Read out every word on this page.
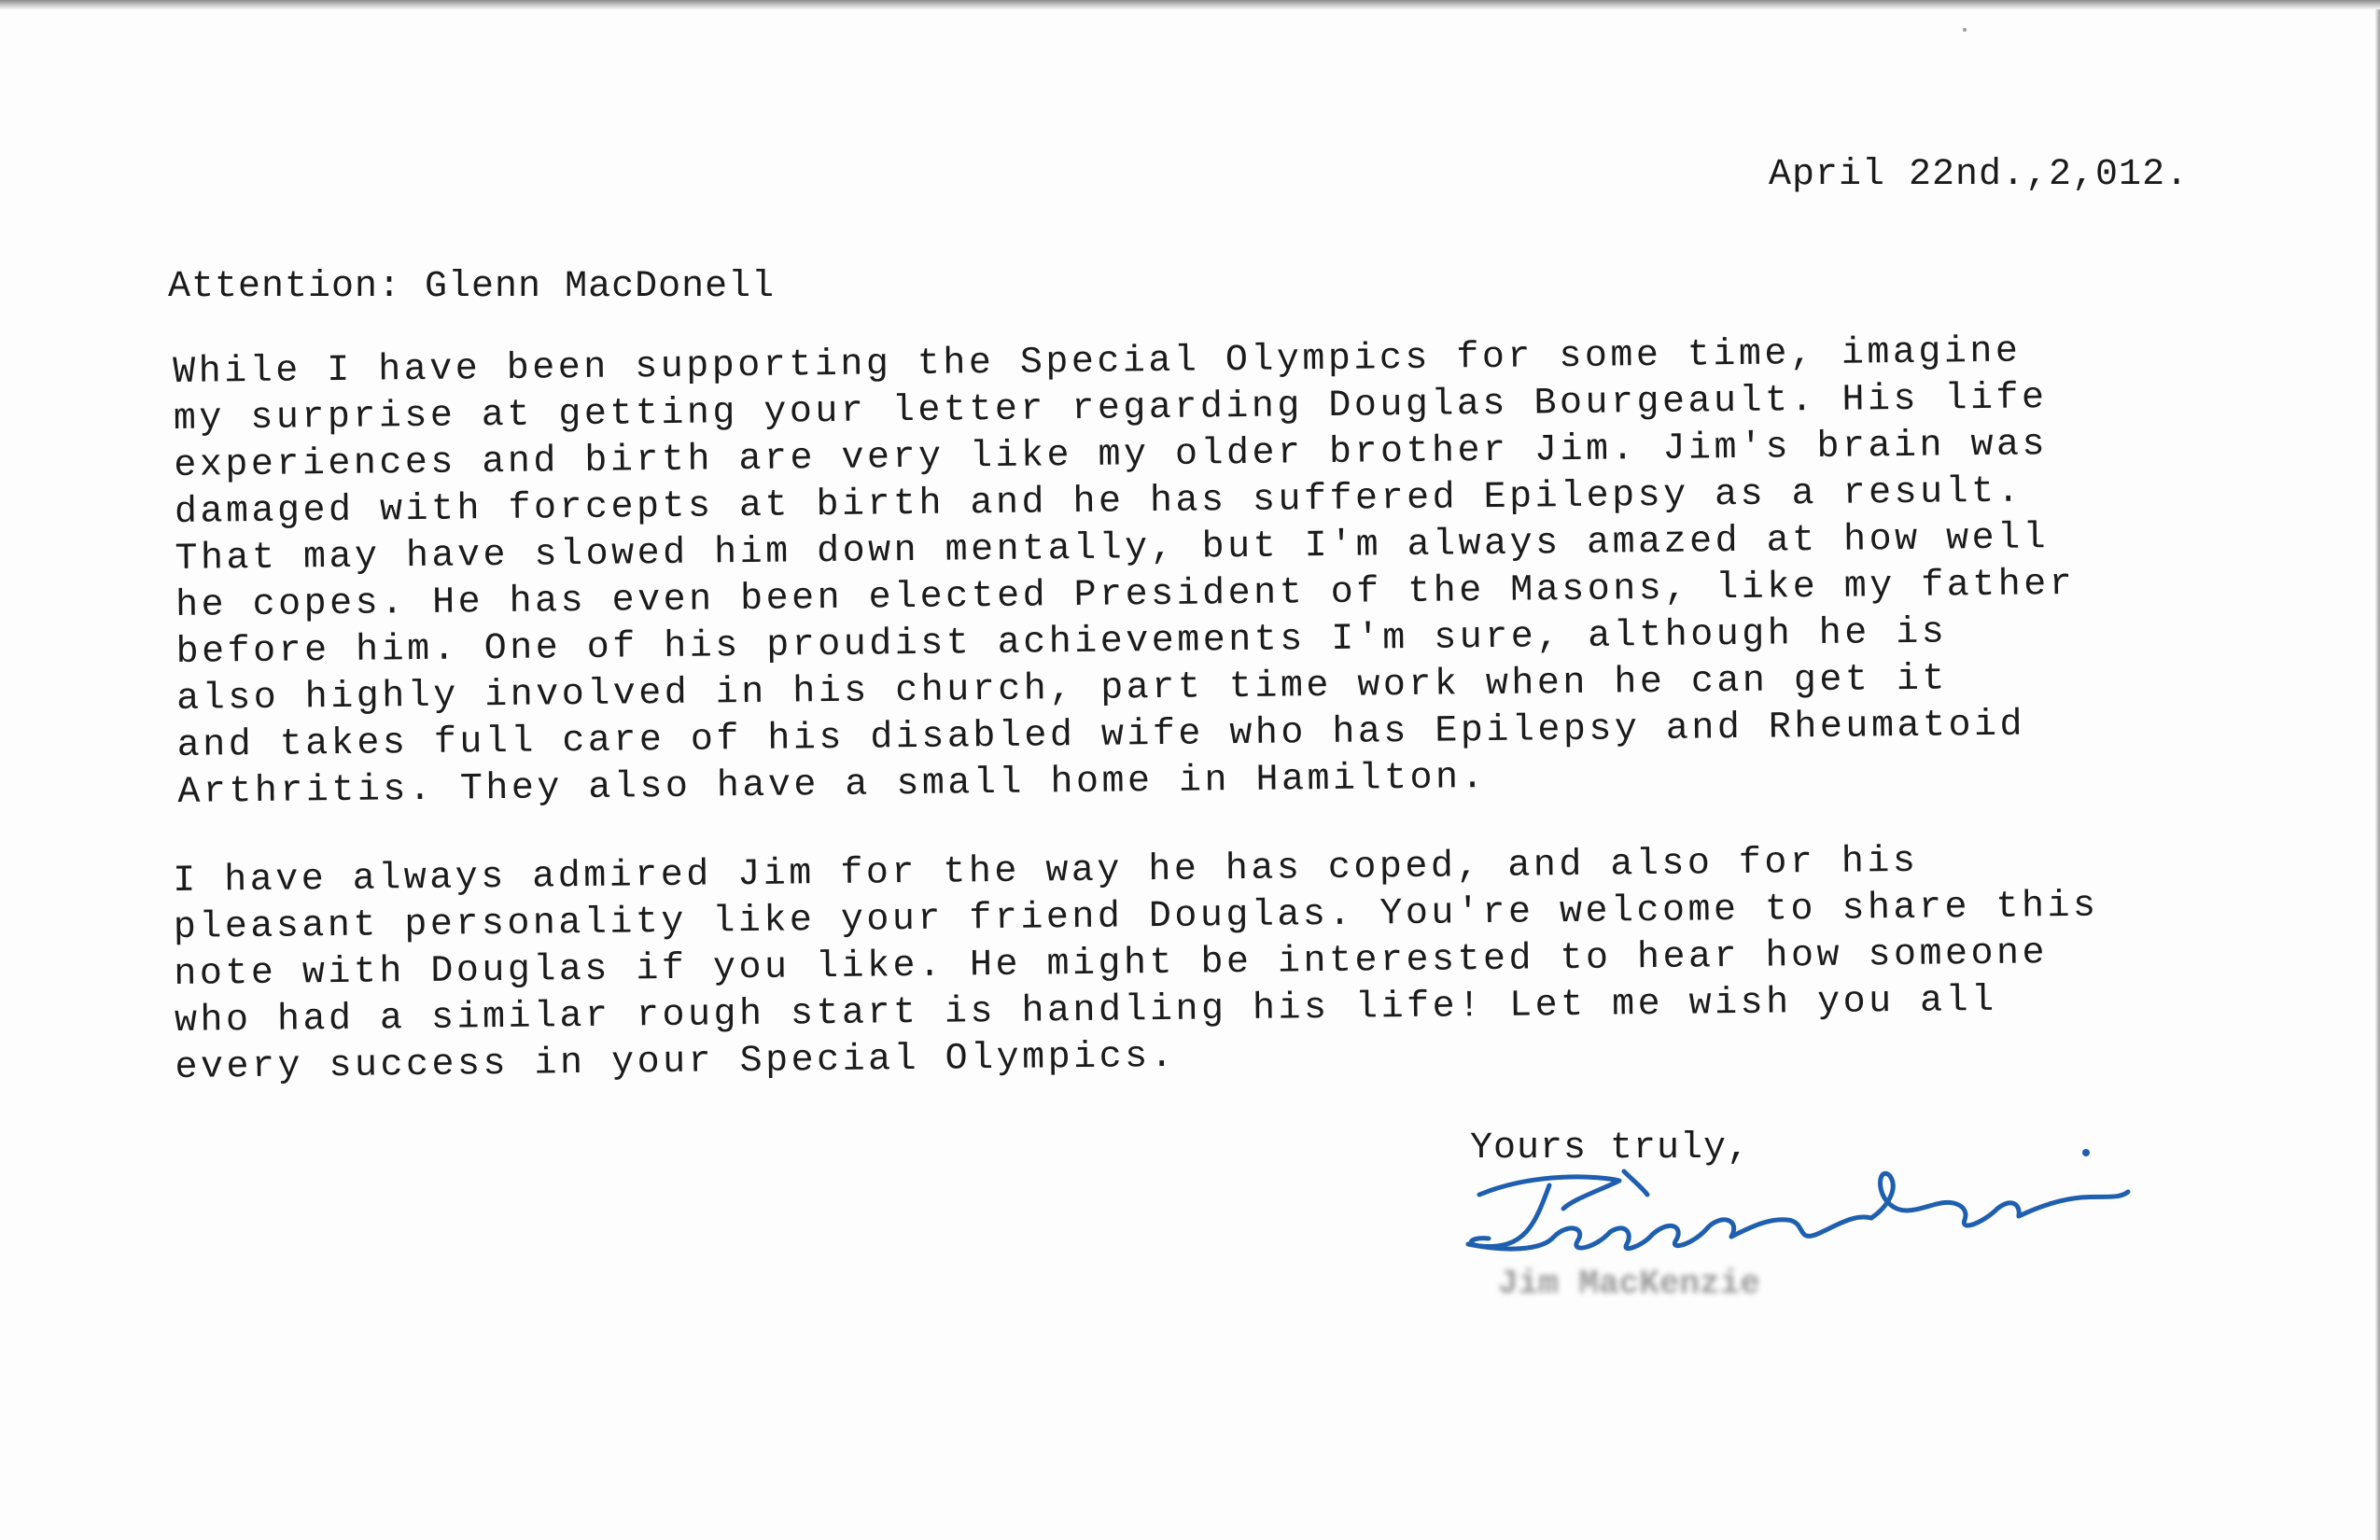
April 22nd.,2,012.
Attention: Glenn MacDonell
While I have been supporting the Special Olympics for some time, imagine
my surprise at getting your letter regarding Douglas Bourgeault. His life
experiences and birth are very like my older brother Jim. Jim's brain was
damaged with forcepts at birth and he has suffered Epilepsy as a result.
That may have slowed him down mentally, but I'm always amazed at how well
he copes. He has even been elected President of the Masons, like my father
before him. One of his proudist achievements I'm sure, although he is
also highly involved in his church, part time work when he can get it
and takes full care of his disabled wife who has Epilepsy and Rheumatoid
Arthritis. They also have a small home in Hamilton.
I have always admired Jim for the way he has coped, and also for his
pleasant personality like your friend Douglas. You're welcome to share this
note with Douglas if you like. He might be interested to hear how someone
who had a similar rough start is handling his life! Let me wish you all
every success in your Special Olympics.
Yours truly,
Jim MacKenzie
